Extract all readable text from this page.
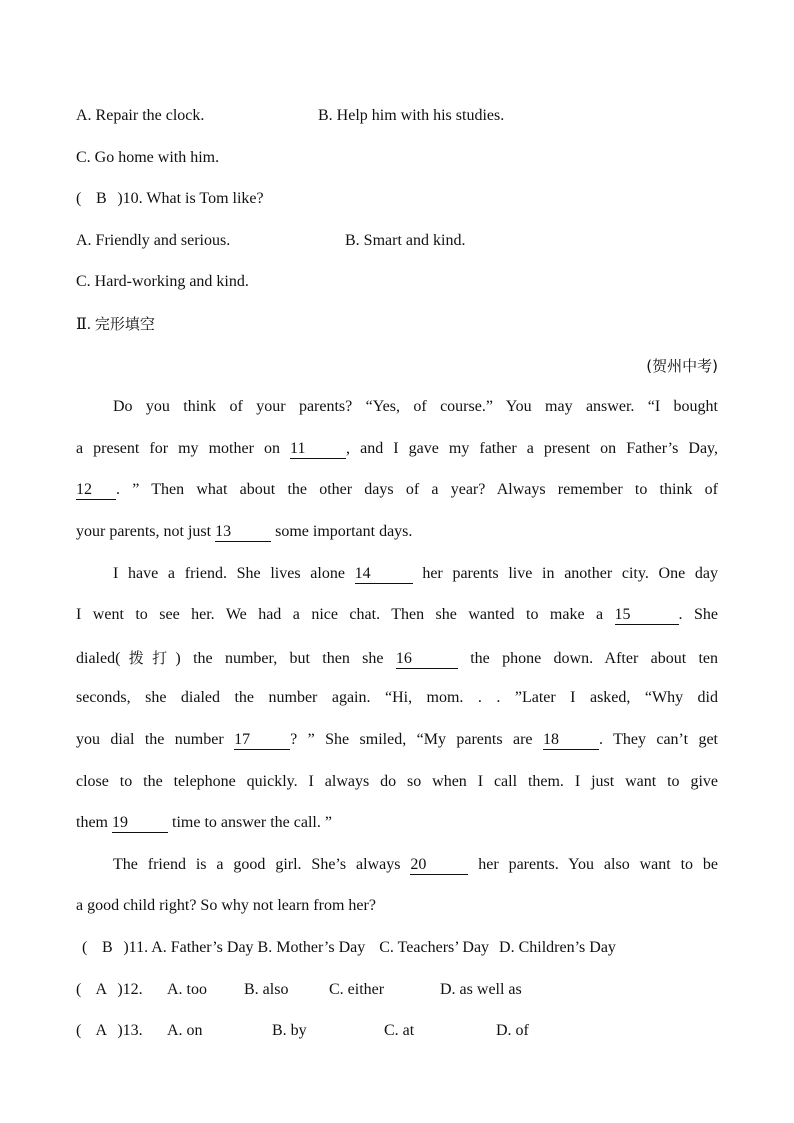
A. Repair the clock.	B. Help him with his studies.
C. Go home with him.
( B )10. What is Tom like?
A. Friendly and serious.	B. Smart and kind.
C. Hard-working and kind.
Ⅱ. 完形填空
(贺州中考)
Do you think of your parents? “Yes, of course.” You may answer. “I bought
a present for my mother on 11	, and I gave my father a present on Father’s Day,
12 . ” Then what about the other days of a year? Always remember to think of
your parents, not just 13	some important days.
I have a friend. She lives alone 14	her parents live in another city. One day
I went to see her. We had a nice chat. Then she wanted to make a 15	. She
dialed(拨打) the number, but then she 16	the phone down. After about ten
seconds, she dialed the number again. “Hi, mom. . . ”Later I asked, “Why did
you dial the number 17	? ” She smiled, “My parents are 18	. They can’t get
close to the telephone quickly. I always do so when I call them. I just want to give
them 19	time to answer the call. ”
The friend is a good girl. She’s always 20	her parents. You also want to be
a good child right? So why not learn from her?
( B )11. A. Father’s Day B. Mother’s Day C. Teachers’ Day D. Children’s Day
( A )12. A. too B. also	C. either	D. as well as
( A )13. A. on	B. by	C. at	D. of
